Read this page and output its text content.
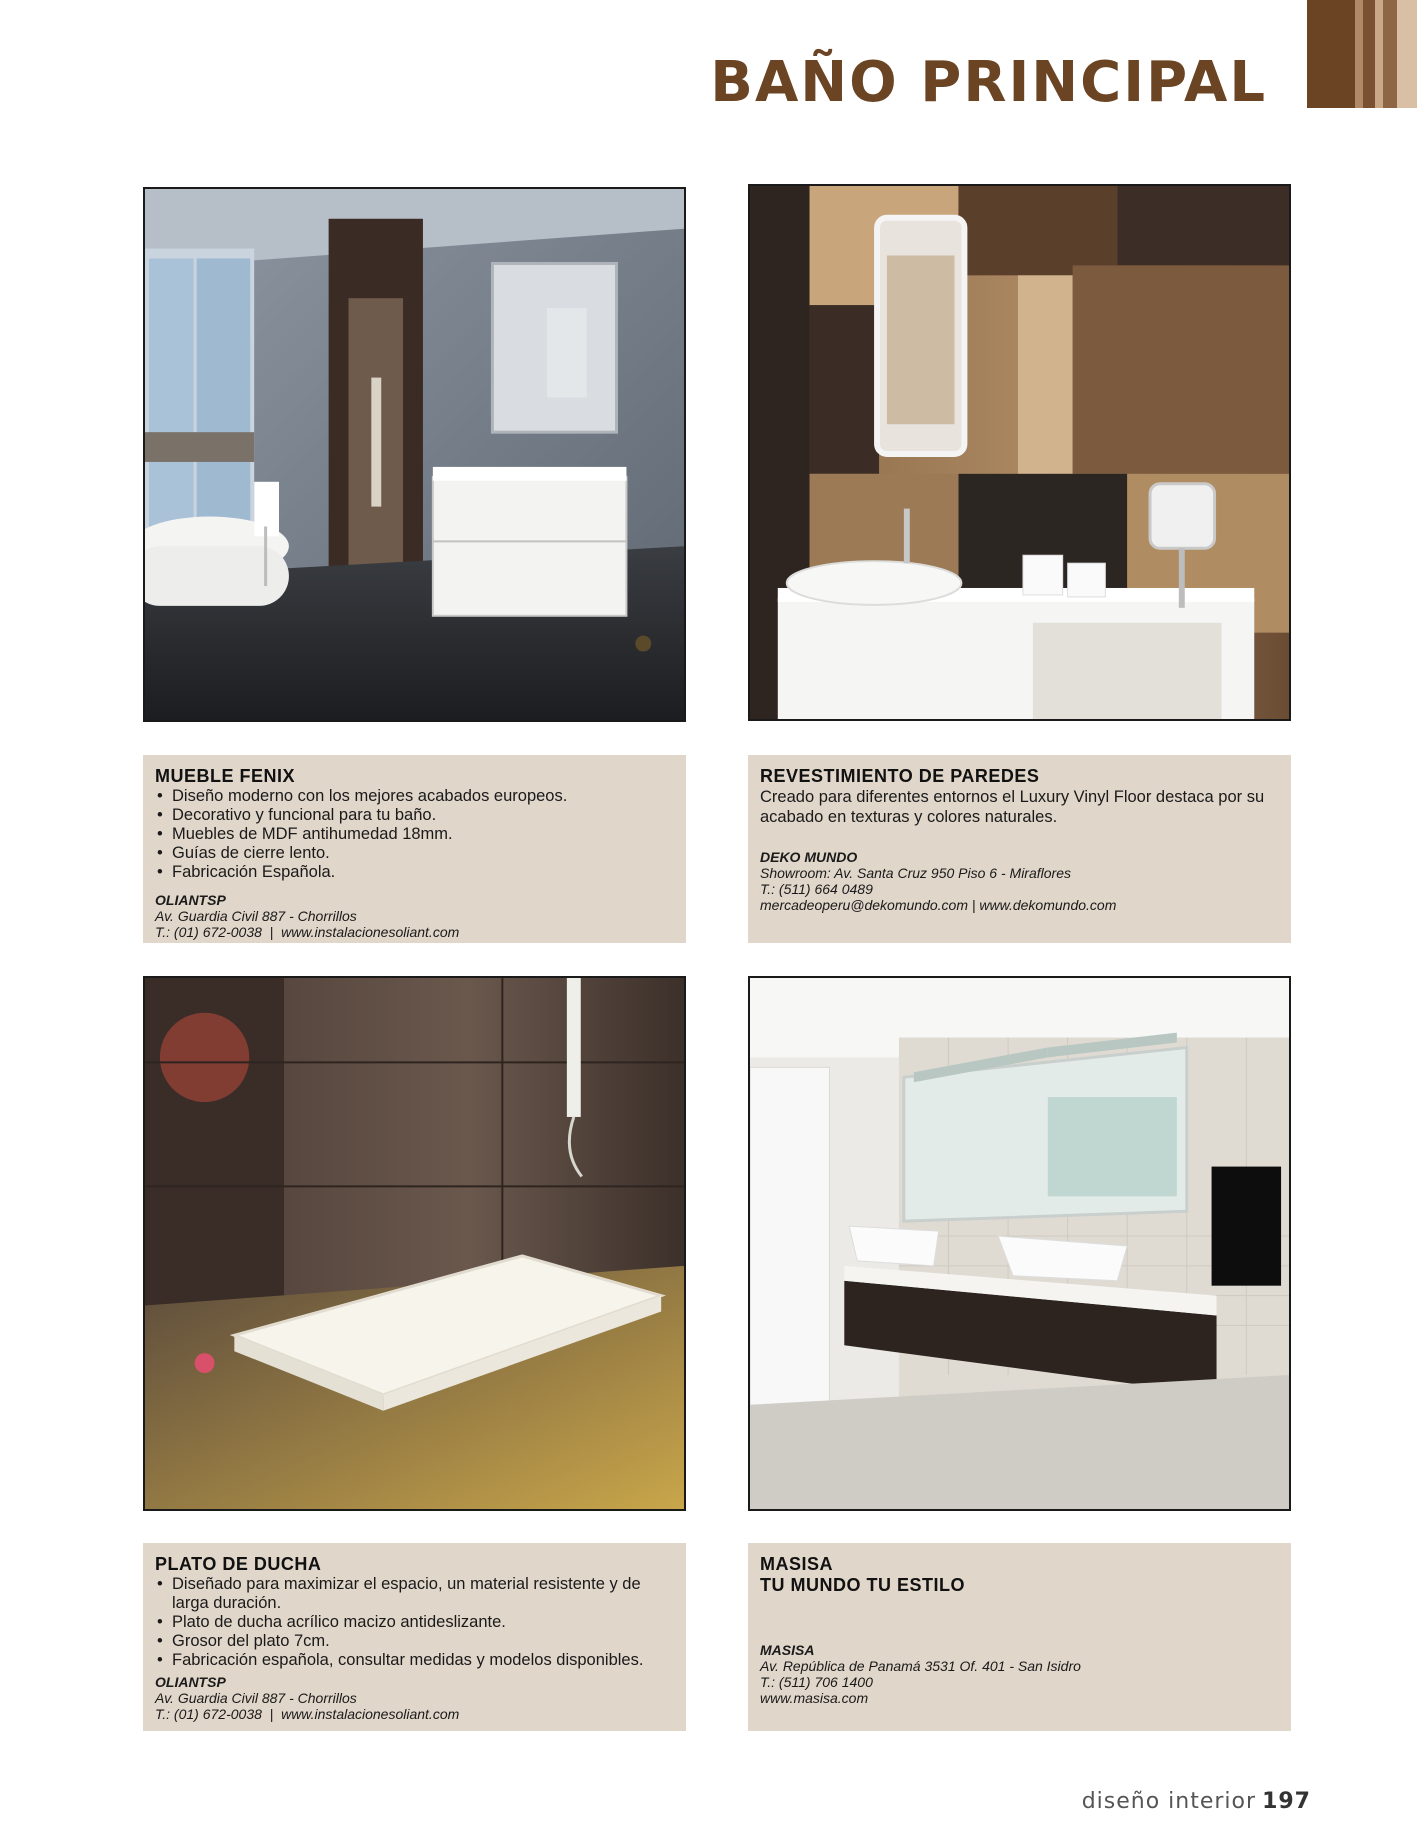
BAÑO PRINCIPAL
MUEBLE FENIX
• Diseño moderno con los mejores acabados europeos.
• Decorativo y funcional para tu baño.
• Muebles de MDF antihumedad 18mm.
• Guías de cierre lento.
• Fabricación Española.
OLIANTSP
Av. Guardia Civil 887 - Chorrillos
T.: (01) 672-0038  |  www.instalacionesoliant.com
REVESTIMIENTO DE PAREDES

Creado para diferentes entornos el Luxury Vinyl Floor destaca por su acabado en texturas y colores naturales.

DEKO MUNDO
Showroom: Av. Santa Cruz 950 Piso 6 - Miraflores
T.: (511) 664 0489
mercadeoperu@dekomundo.com | www.dekomundo.com
PLATO DE DUCHA
• Diseñado para maximizar el espacio, un material resistente y de larga duración.
• Plato de ducha acrílico macizo antideslizante.
• Grosor del plato 7cm.
• Fabricación española, consultar medidas y modelos disponibles.
OLIANTSP
Av. Guardia Civil 887 - Chorrillos
T.: (01) 672-0038  |  www.instalacionesoliant.com
MASISA
TU MUNDO TU ESTILO
MASISA
Av. República de Panamá 3531 Of. 401 - San Isidro
T.: (511) 706 1400
www.masisa.com
diseño interior 197
